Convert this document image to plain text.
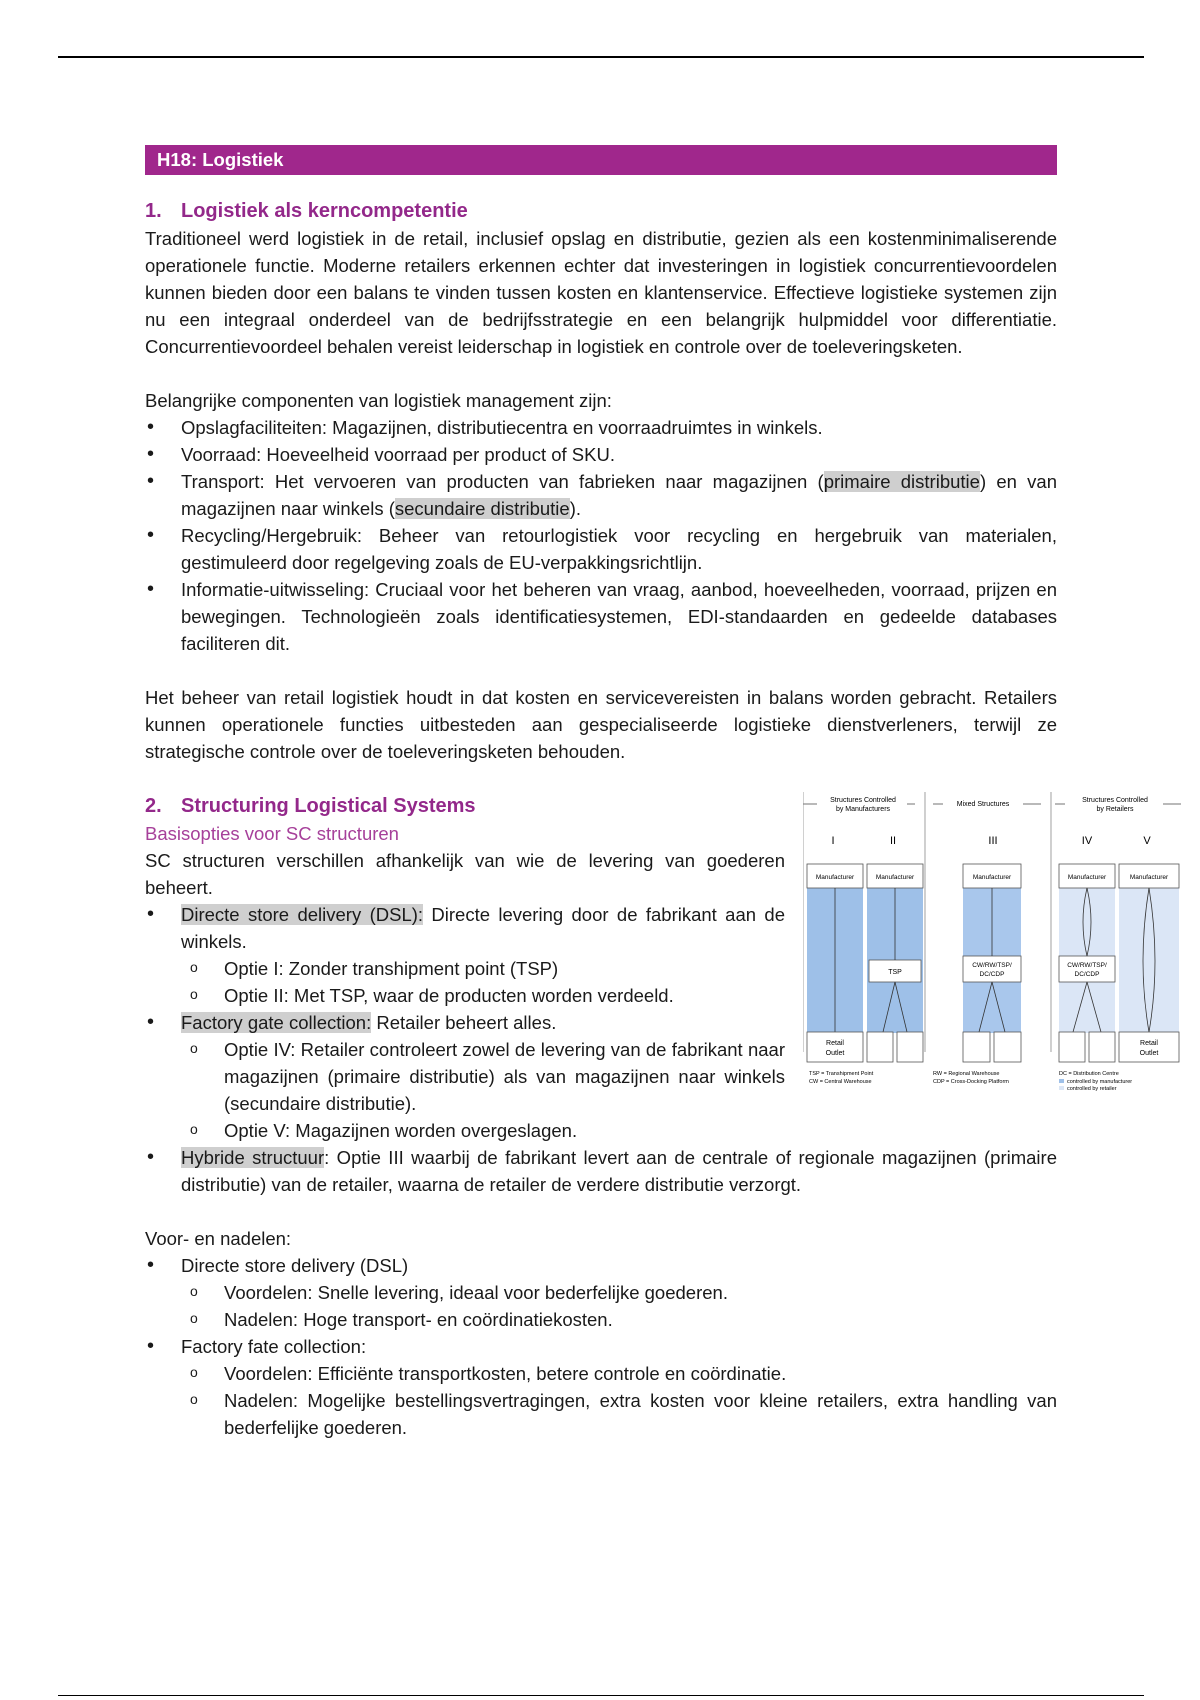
H18: Logistiek
1. Logistiek als kerncompetentie

Traditioneel werd logistiek in de retail, inclusief opslag en distributie, gezien als een kostenminimaliserende operationele functie. Moderne retailers erkennen echter dat investeringen in logistiek concurrentievoordelen kunnen bieden door een balans te vinden tussen kosten en klantenservice. Effectieve logistieke systemen zijn nu een integraal onderdeel van de bedrijfsstrategie en een belangrijk hulpmiddel voor differentiatie. Concurrentievoordeel behalen vereist leiderschap in logistiek en controle over de toeleveringsketen.

Belangrijke componenten van logistiek management zijn:

• Opslagfaciliteiten: Magazijnen, distributiecentra en voorraadruimtes in winkels.
• Voorraad: Hoeveelheid voorraad per product of SKU.
• Transport: Het vervoeren van producten van fabrieken naar magazijnen (primaire distributie) en van magazijnen naar winkels (secundaire distributie).
• Recycling/Hergebruik: Beheer van retourlogistiek voor recycling en hergebruik van materialen, gestimuleerd door regelgeving zoals de EU-verpakkingsrichtlijn.
• Informatie-uitwisseling: Cruciaal voor het beheren van vraag, aanbod, hoeveelheden, voorraad, prijzen en bewegingen. Technologieën zoals identificatiesystemen, EDI-standaarden en gedeelde databases faciliteren dit.

Het beheer van retail logistiek houdt in dat kosten en servicevereisten in balans worden gebracht. Retailers kunnen operationele functies uitbesteden aan gespecialiseerde logistieke dienstverleners, terwijl ze strategische controle over de toeleveringsketen behouden.

2. Structuring Logistical Systems
Basisopties voor SC structuren

SC structuren verschillen afhankelijk van wie de levering van goederen beheert.

• Directe store delivery (DSL): Directe levering door de fabrikant aan de winkels.
o Optie I: Zonder transhipment point (TSP)
o Optie II: Met TSP, waar de producten worden verdeeld.
• Factory gate collection: Retailer beheert alles.
o Optie IV: Retailer controleert zowel de levering van de fabrikant naar magazijnen (primaire distributie) als van magazijnen naar winkels (secundaire distributie).
o Optie V: Magazijnen worden overgeslagen.
• Hybride structuur: Optie III waarbij de fabrikant levert aan de centrale of regionale magazijnen (primaire distributie) van de retailer, waarna de retailer de verdere distributie verzorgt.
Structures Controlled
by Manufacturers
Mixed Structures
Structures Controlled
by Retailers
I	II	III	IV	V
Manufacturer	Manufacturer	Manufacturer	Manufacturer	Manufacturer
TSP
CW/RW/TSP/
DC/CDP
CW/RW/TSP/
DC/CDP
Retail
Outlet
Retail
Outlet
TSP = Transhipment Point
CW = Central Warehouse
RW = Regional Warehouse
CDP = Cross-Docking Platform
DC = Distribution Centre
controlled by manufacturer
controlled by retailer

Voor- en nadelen:

• Directe store delivery (DSL)
o Voordelen: Snelle levering, ideaal voor bederfelijke goederen.
o Nadelen: Hoge transport- en coördinatiekosten.
• Factory fate collection:
o Voordelen: Efficiënte transportkosten, betere controle en coördinatie.
o Nadelen: Mogelijke bestellingsvertragingen, extra kosten voor kleine retailers, extra handling van bederfelijke goederen.
